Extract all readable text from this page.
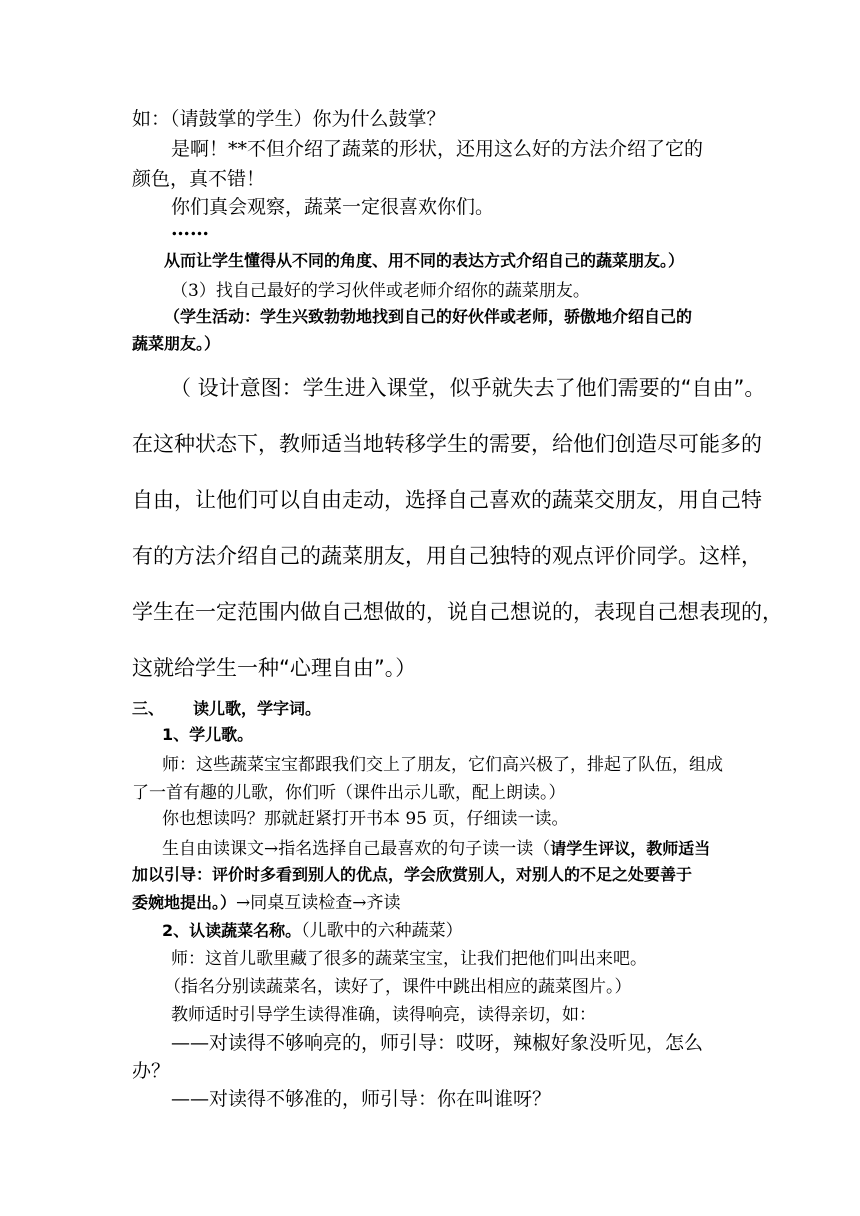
如：（请鼓掌的学生）你为什么鼓掌？
是啊！**不但介绍了蔬菜的形状，还用这么好的方法介绍了它的
颜色，真不错！
你们真会观察，蔬菜一定很喜欢你们。
……
从而让学生懂得从不同的角度、用不同的表达方式介绍自己的蔬菜朋友。）
（3）找自己最好的学习伙伴或老师介绍你的蔬菜朋友。
（学生活动：学生兴致勃勃地找到自己的好伙伴或老师，骄傲地介绍自己的
蔬菜朋友。）
（ 设计意图：学生进入课堂，似乎就失去了他们需要的“自由”。
在这种状态下，教师适当地转移学生的需要，给他们创造尽可能多的
自由，让他们可以自由走动，选择自己喜欢的蔬菜交朋友，用自己特
有的方法介绍自己的蔬菜朋友，用自己独特的观点评价同学。这样，
学生在一定范围内做自己想做的，说自己想说的，表现自己想表现的，
这就给学生一种“心理自由”。）
三、 读儿歌，学字词。
1、学儿歌。
师：这些蔬菜宝宝都跟我们交上了朋友，它们高兴极了，排起了队伍，组成
了一首有趣的儿歌，你们听（课件出示儿歌，配上朗读。）
你也想读吗？那就赶紧打开书本 95 页，仔细读一读。
生自由读课文→指名选择自己最喜欢的句子读一读（请学生评议，教师适当
加以引导：评价时多看到别人的优点，学会欣赏别人，对别人的不足之处要善于
委婉地提出。）→同桌互读检查→齐读
2、认读蔬菜名称。（儿歌中的六种蔬菜）
师：这首儿歌里藏了很多的蔬菜宝宝，让我们把他们叫出来吧。
（指名分别读蔬菜名，读好了，课件中跳出相应的蔬菜图片。）
教师适时引导学生读得准确，读得响亮，读得亲切，如：
——对读得不够响亮的，师引导：哎呀，辣椒好象没听见，怎么
办？
——对读得不够准的，师引导：你在叫谁呀？
